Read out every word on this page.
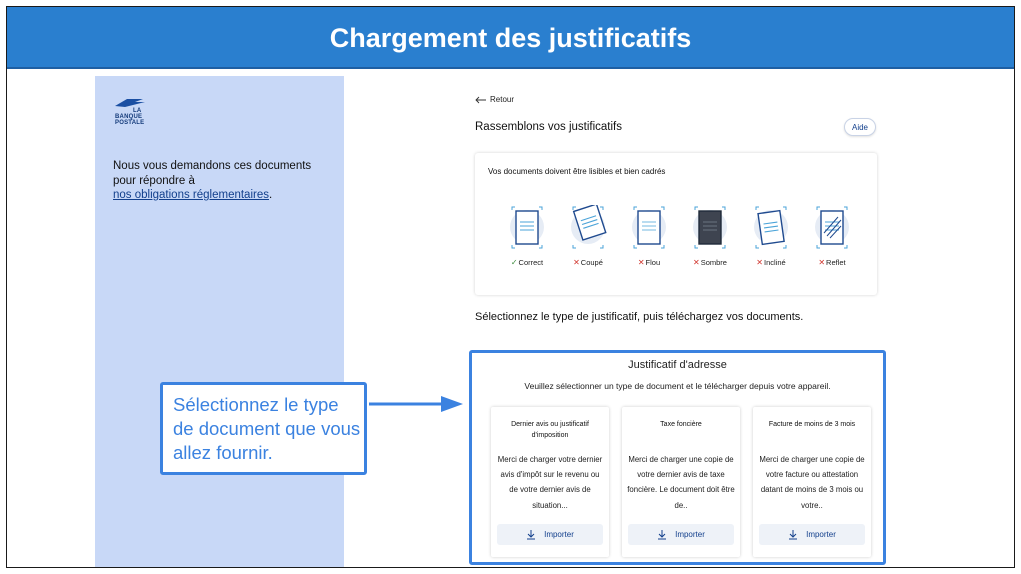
Chargement des justificatifs
LA
BANQUE
POSTALE
Nous vous demandons ces documents pour répondre à
nos obligations réglementaires.
Retour
Rassemblons vos justificatifs	Aide
Vos documents doivent être lisibles et bien cadrés
✓Correct	✕Coupé	✕Flou	✕Sombre	✕Incliné	✕Reflet
Sélectionnez le type de justificatif, puis téléchargez vos documents.
Justificatif d'adresse
Veuillez sélectionner un type de document et le télécharger depuis votre appareil.
Dernier avis ou justificatif d'imposition
Merci de charger votre dernier avis d'impôt sur le revenu ou de votre dernier avis de situation...
Importer
Taxe foncière
Merci de charger une copie de votre dernier avis de taxe foncière. Le document doit être de..
Importer
Facture de moins de 3 mois
Merci de charger une copie de votre facture ou attestation datant de moins de 3 mois ou votre..
Importer
Sélectionnez le type de document que vous allez fournir.
